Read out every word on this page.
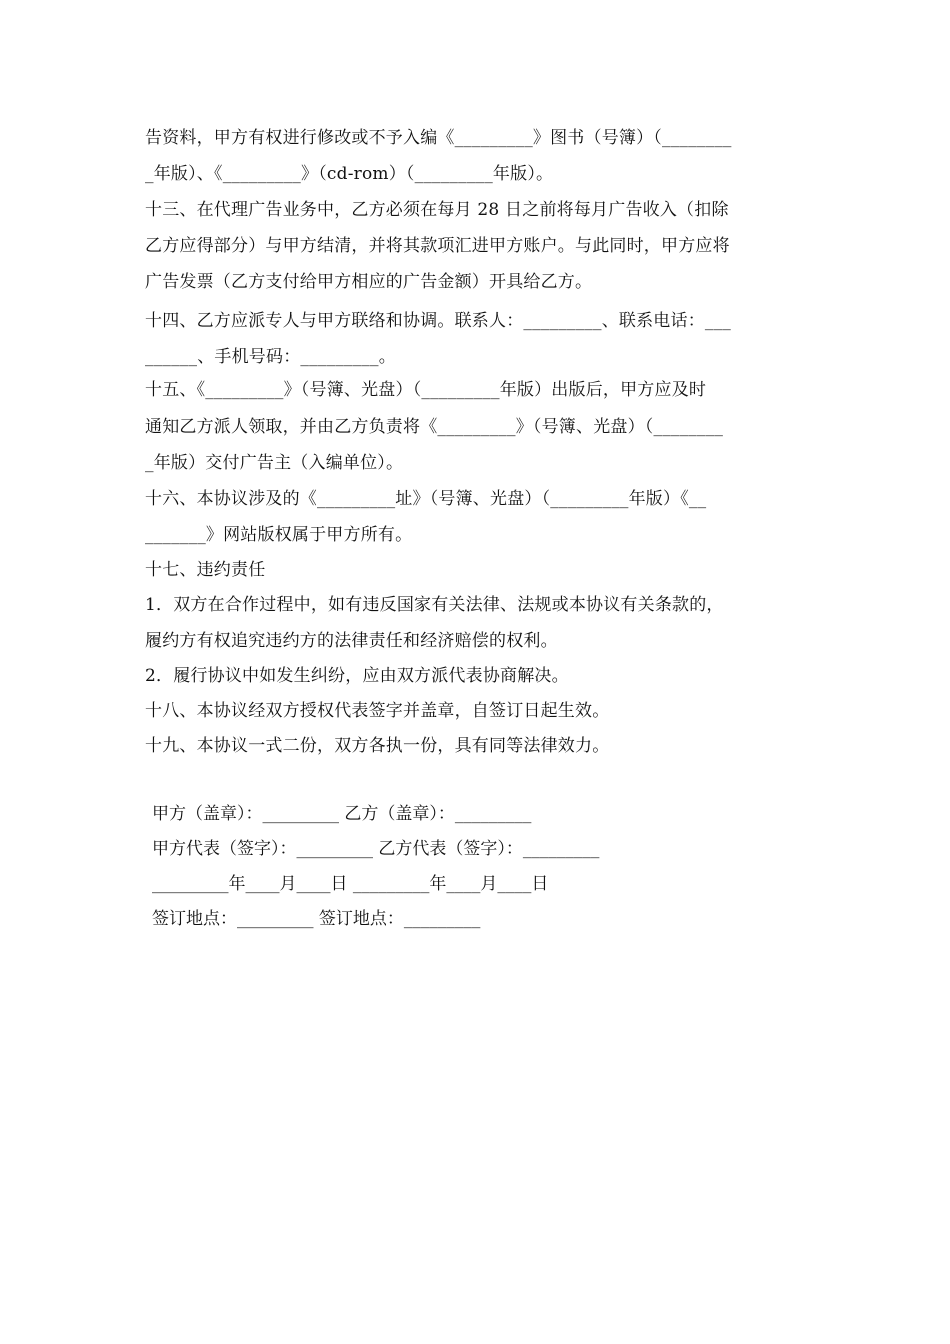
告资料，甲方有权进行修改或不予入编《_________》图书（号簿）（________
_年版）、《_________》（cd-rom）（_________年版）。
十三、在代理广告业务中，乙方必须在每月 28 日之前将每月广告收入（扣除
乙方应得部分）与甲方结清，并将其款项汇进甲方账户。与此同时，甲方应将
广告发票（乙方支付给甲方相应的广告金额）开具给乙方。
十四、乙方应派专人与甲方联络和协调。联系人：_________、联系电话：___
______、手机号码：_________。
十五、《_________》（号簿、光盘）（_________年版）出版后，甲方应及时
通知乙方派人领取，并由乙方负责将《_________》（号簿、光盘）（________
_年版）交付广告主（入编单位）。
十六、本协议涉及的《_________址》（号簿、光盘）（_________年版）《__
_______》网站版权属于甲方所有。
十七、违约责任
1．双方在合作过程中，如有违反国家有关法律、法规或本协议有关条款的，
履约方有权追究违约方的法律责任和经济赔偿的权利。
2．履行协议中如发生纠纷，应由双方派代表协商解决。
十八、本协议经双方授权代表签字并盖章，自签订日起生效。
十九、本协议一式二份，双方各执一份，具有同等法律效力。
甲方（盖章）：_________ 乙方（盖章）：_________
甲方代表（签字）：_________ 乙方代表（签字）：_________
_________年____月____日 _________年____月____日
签订地点：_________ 签订地点：_________
